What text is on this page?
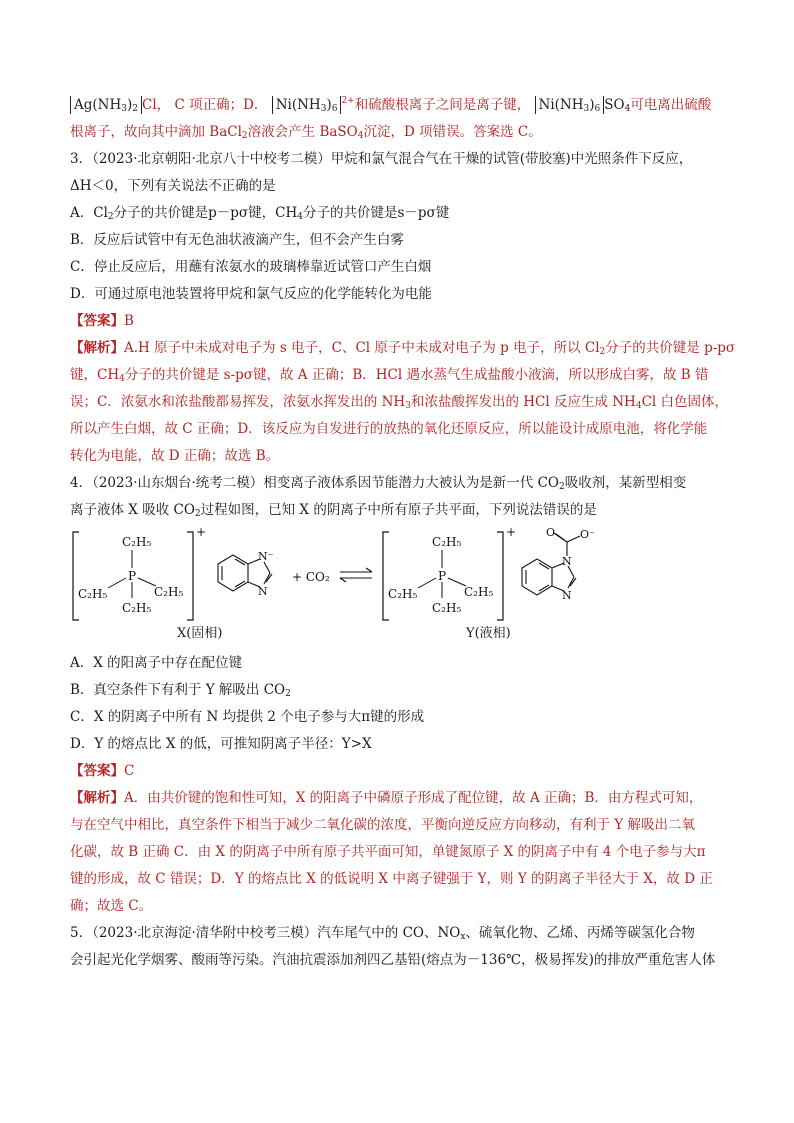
$Ag(NH_3)_2$ Cl， C 项正确；D． $Ni(NH_3)_6^{2+}$和硫酸根离子之间是离子键， $Ni(NH_3)_6$ $SO_4$可电离出硫酸
根离子，故向其中滴加 BaCl$_2$溶液会产生 BaSO$_4$沉淀，D 项错误。答案选 C。
3．（2023·北京朝阳·北京八十中校考二模）甲烷和氯气混合气在干燥的试管(带胶塞)中光照条件下反应，
ΔH＜0，下列有关说法不正确的是
A．$Cl_2$分子的共价键是p－pσ键，$CH_4$分子的共价键是s－pσ键
B．反应后试管中有无色油状液滴产生，但不会产生白雾
C．停止反应后，用蘸有浓氨水的玻璃棒靠近试管口产生白烟
D．可通过原电池装置将甲烷和氯气反应的化学能转化为电能
【答案】B
【解析】A.H 原子中未成对电子为 s 电子，C、Cl 原子中未成对电子为 p 电子，所以 $Cl_2$分子的共价键是 p-pσ
键，$CH_4$分子的共价键是 s-pσ键，故 A 正确；B．HCl 遇水蒸气生成盐酸小液滴，所以形成白雾，故 B 错
误；C．浓氨水和浓盐酸都易挥发，浓氨水挥发出的 $NH_3$和浓盐酸挥发出的 HCl 反应生成 $NH_4Cl$ 白色固体，
所以产生白烟，故 C 正确；D．该反应为自发进行的放热的氧化还原反应，所以能设计成原电池，将化学能
转化为电能，故 D 正确；故选 B。
4．（2023·山东烟台·统考二模）相变离子液体系因节能潜力大被认为是新一代 $CO_2$吸收剂，某新型相变
离子液体 X 吸收 $CO_2$过程如图，已知 X 的阴离子中所有原子共平面，下列说法错误的是
+
P
C₂H₅
C₂H₅
C₂H₅
C₂H₅
N⁻
N
+ CO₂
+
P
C₂H₅
C₂H₅
C₂H₅
C₂H₅
N
N
O O⁻
X(固相)	Y(液相)
A．X 的阳离子中存在配位键
B．真空条件下有利于 Y 解吸出 $CO_2$
C．X 的阴离子中所有 N 均提供 2 个电子参与大π键的形成
D．Y 的熔点比 X 的低，可推知阴离子半径：Y>X
【答案】C
【解析】A．由共价键的饱和性可知，X 的阳离子中磷原子形成了配位键，故 A 正确；B．由方程式可知，
与在空气中相比，真空条件下相当于减少二氧化碳的浓度，平衡向逆反应方向移动，有利于 Y 解吸出二氧
化碳，故 B 正确 C．由 X 的阴离子中所有原子共平面可知，单键氮原子 X 的阴离子中有 4 个电子参与大π
键的形成，故 C 错误；D．Y 的熔点比 X 的低说明 X 中离子键强于 Y，则 Y 的阴离子半径大于 X，故 D 正
确；故选 C。
5．（2023·北京海淀·清华附中校考三模）汽车尾气中的 CO、$NO_x$、硫氧化物、乙烯、丙烯等碳氢化合物
会引起光化学烟雾、酸雨等污染。汽油抗震添加剂四乙基铅(熔点为－136℃，极易挥发)的排放严重危害人体
